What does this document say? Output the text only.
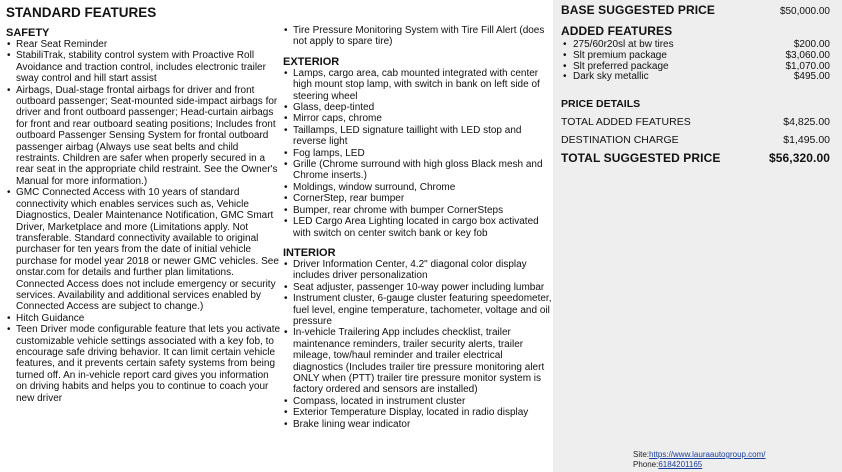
STANDARD FEATURES
SAFETY
• Rear Seat Reminder
• StabiliTrak, stability control system with Proactive Roll Avoidance and traction control, includes electronic trailer sway control and hill start assist
• Airbags, Dual-stage frontal airbags for driver and front outboard passenger; Seat-mounted side-impact airbags for driver and front outboard passenger; Head-curtain airbags for front and rear outboard seating positions; Includes front outboard Passenger Sensing System for frontal outboard passenger airbag (Always use seat belts and child restraints. Children are safer when properly secured in a rear seat in the appropriate child restraint. See the Owner's Manual for more information.)
• GMC Connected Access with 10 years of standard connectivity which enables services such as, Vehicle Diagnostics, Dealer Maintenance Notification, GMC Smart Driver, Marketplace and more (Limitations apply. Not transferable. Standard connectivity available to original purchaser for ten years from the date of initial vehicle purchase for model year 2018 or newer GMC vehicles. See onstar.com for details and further plan limitations. Connected Access does not include emergency or security services. Availability and additional services enabled by Connected Access are subject to change.)
• Hitch Guidance
• Teen Driver mode configurable feature that lets you activate customizable vehicle settings associated with a key fob, to encourage safe driving behavior. It can limit certain vehicle features, and it prevents certain safety systems from being turned off. An in-vehicle report card gives you information on driving habits and helps you to continue to coach your new driver
• Tire Pressure Monitoring System with Tire Fill Alert (does not apply to spare tire)
EXTERIOR
• Lamps, cargo area, cab mounted integrated with center high mount stop lamp, with switch in bank on left side of steering wheel
• Glass, deep-tinted
• Mirror caps, chrome
• Taillamps, LED signature taillight with LED stop and reverse light
• Fog lamps, LED
• Grille (Chrome surround with high gloss Black mesh and Chrome inserts.)
• Moldings, window surround, Chrome
• CornerStep, rear bumper
• Bumper, rear chrome with bumper CornerSteps
• LED Cargo Area Lighting located in cargo box activated with switch on center switch bank or key fob
INTERIOR
• Driver Information Center, 4.2" diagonal color display includes driver personalization
• Seat adjuster, passenger 10-way power including lumbar
• Instrument cluster, 6-gauge cluster featuring speedometer, fuel level, engine temperature, tachometer, voltage and oil pressure
• In-vehicle Trailering App includes checklist, trailer maintenance reminders, trailer security alerts, trailer mileage, tow/haul reminder and trailer electrical diagnostics (Includes trailer tire pressure monitoring alert ONLY when (PTT) trailer tire pressure monitor system is factory ordered and sensors are installed)
• Compass, located in instrument cluster
• Exterior Temperature Display, located in radio display
• Brake lining wear indicator
BASE SUGGESTED PRICE	$50,000.00
ADDED FEATURES
• 275/60r20sl at bw tires	$200.00
• Slt premium package	$3,060.00
• Slt preferred package	$1,070.00
• Dark sky metallic	$495.00
PRICE DETAILS
TOTAL ADDED FEATURES	$4,825.00
DESTINATION CHARGE	$1,495.00
TOTAL SUGGESTED PRICE	$56,320.00
Site:https://www.lauraautogroup.com/
Phone:6184201165
